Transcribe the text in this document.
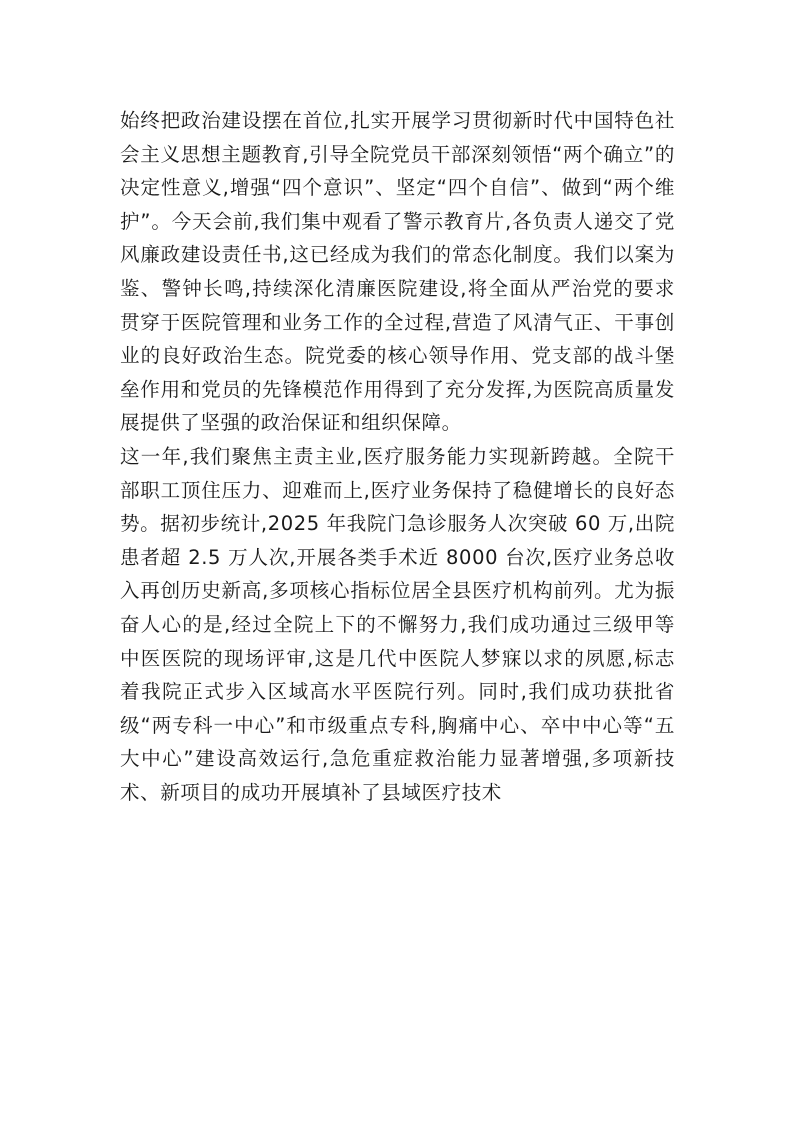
始终把政治建设摆在首位,扎实开展学习贯彻新时代中国特色社会主义思想主题教育,引导全院党员干部深刻领悟“两个确立”的决定性意义,增强“四个意识”、坚定“四个自信”、做到“两个维护”。今天会前,我们集中观看了警示教育片,各负责人递交了党风廉政建设责任书,这已经成为我们的常态化制度。我们以案为鉴、警钟长鸣,持续深化清廉医院建设,将全面从严治党的要求贯穿于医院管理和业务工作的全过程,营造了风清气正、干事创业的良好政治生态。院党委的核心领导作用、党支部的战斗堡垒作用和党员的先锋模范作用得到了充分发挥,为医院高质量发展提供了坚强的政治保证和组织保障。

这一年,我们聚焦主责主业,医疗服务能力实现新跨越。全院干部职工顶住压力、迎难而上,医疗业务保持了稳健增长的良好态势。据初步统计,2025 年我院门急诊服务人次突破 60 万,出院患者超 2.5 万人次,开展各类手术近 8000 台次,医疗业务总收入再创历史新高,多项核心指标位居全县医疗机构前列。尤为振奋人心的是,经过全院上下的不懈努力,我们成功通过三级甲等中医医院的现场评审,这是几代中医院人梦寐以求的夙愿,标志着我院正式步入区域高水平医院行列。同时,我们成功获批省级“两专科一中心”和市级重点专科,胸痛中心、卒中中心等“五大中心”建设高效运行,急危重症救治能力显著增强,多项新技术、新项目的成功开展填补了县域医疗技术
